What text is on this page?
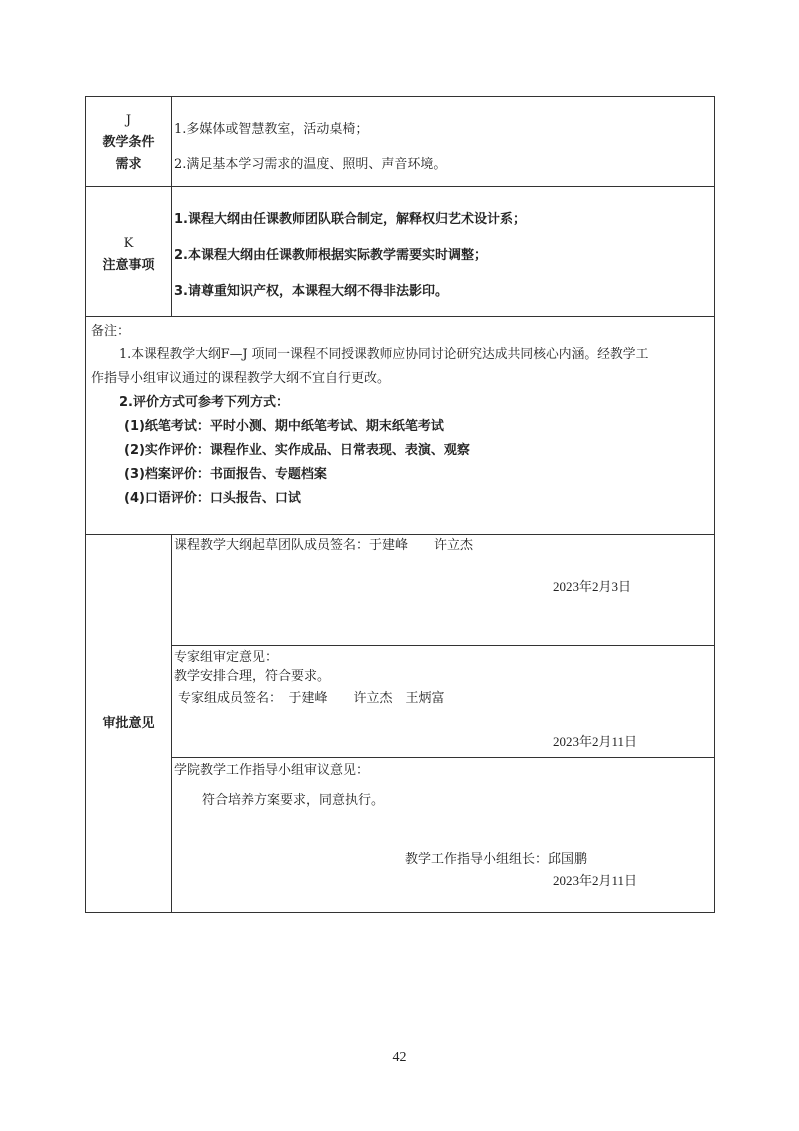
J
教学条件
需求
1.多媒体或智慧教室，活动桌椅；
2.满足基本学习需求的温度、照明、声音环境。
K
注意事项
1.课程大纲由任课教师团队联合制定，解释权归艺术设计系；
2.本课程大纲由任课教师根据实际教学需要实时调整；
3.请尊重知识产权，本课程大纲不得非法影印。
备注：
1.本课程教学大纲F—J 项同一课程不同授课教师应协同讨论研究达成共同核心内涵。经教学工
作指导小组审议通过的课程教学大纲不宜自行更改。
2.评价方式可参考下列方式：
(1)纸笔考试：平时小测、期中纸笔考试、期末纸笔考试
(2)实作评价：课程作业、实作成品、日常表现、表演、观察
(3)档案评价：书面报告、专题档案
(4)口语评价：口头报告、口试
审批意见
课程教学大纲起草团队成员签名：于建峰　　许立杰
2023年2月3日
专家组审定意见：
教学安排合理，符合要求。
专家组成员签名：　于建峰　　许立杰　王炳富
2023年2月11日
学院教学工作指导小组审议意见：
符合培养方案要求，同意执行。
教学工作指导小组组长：邱国鹏
2023年2月11日
42
